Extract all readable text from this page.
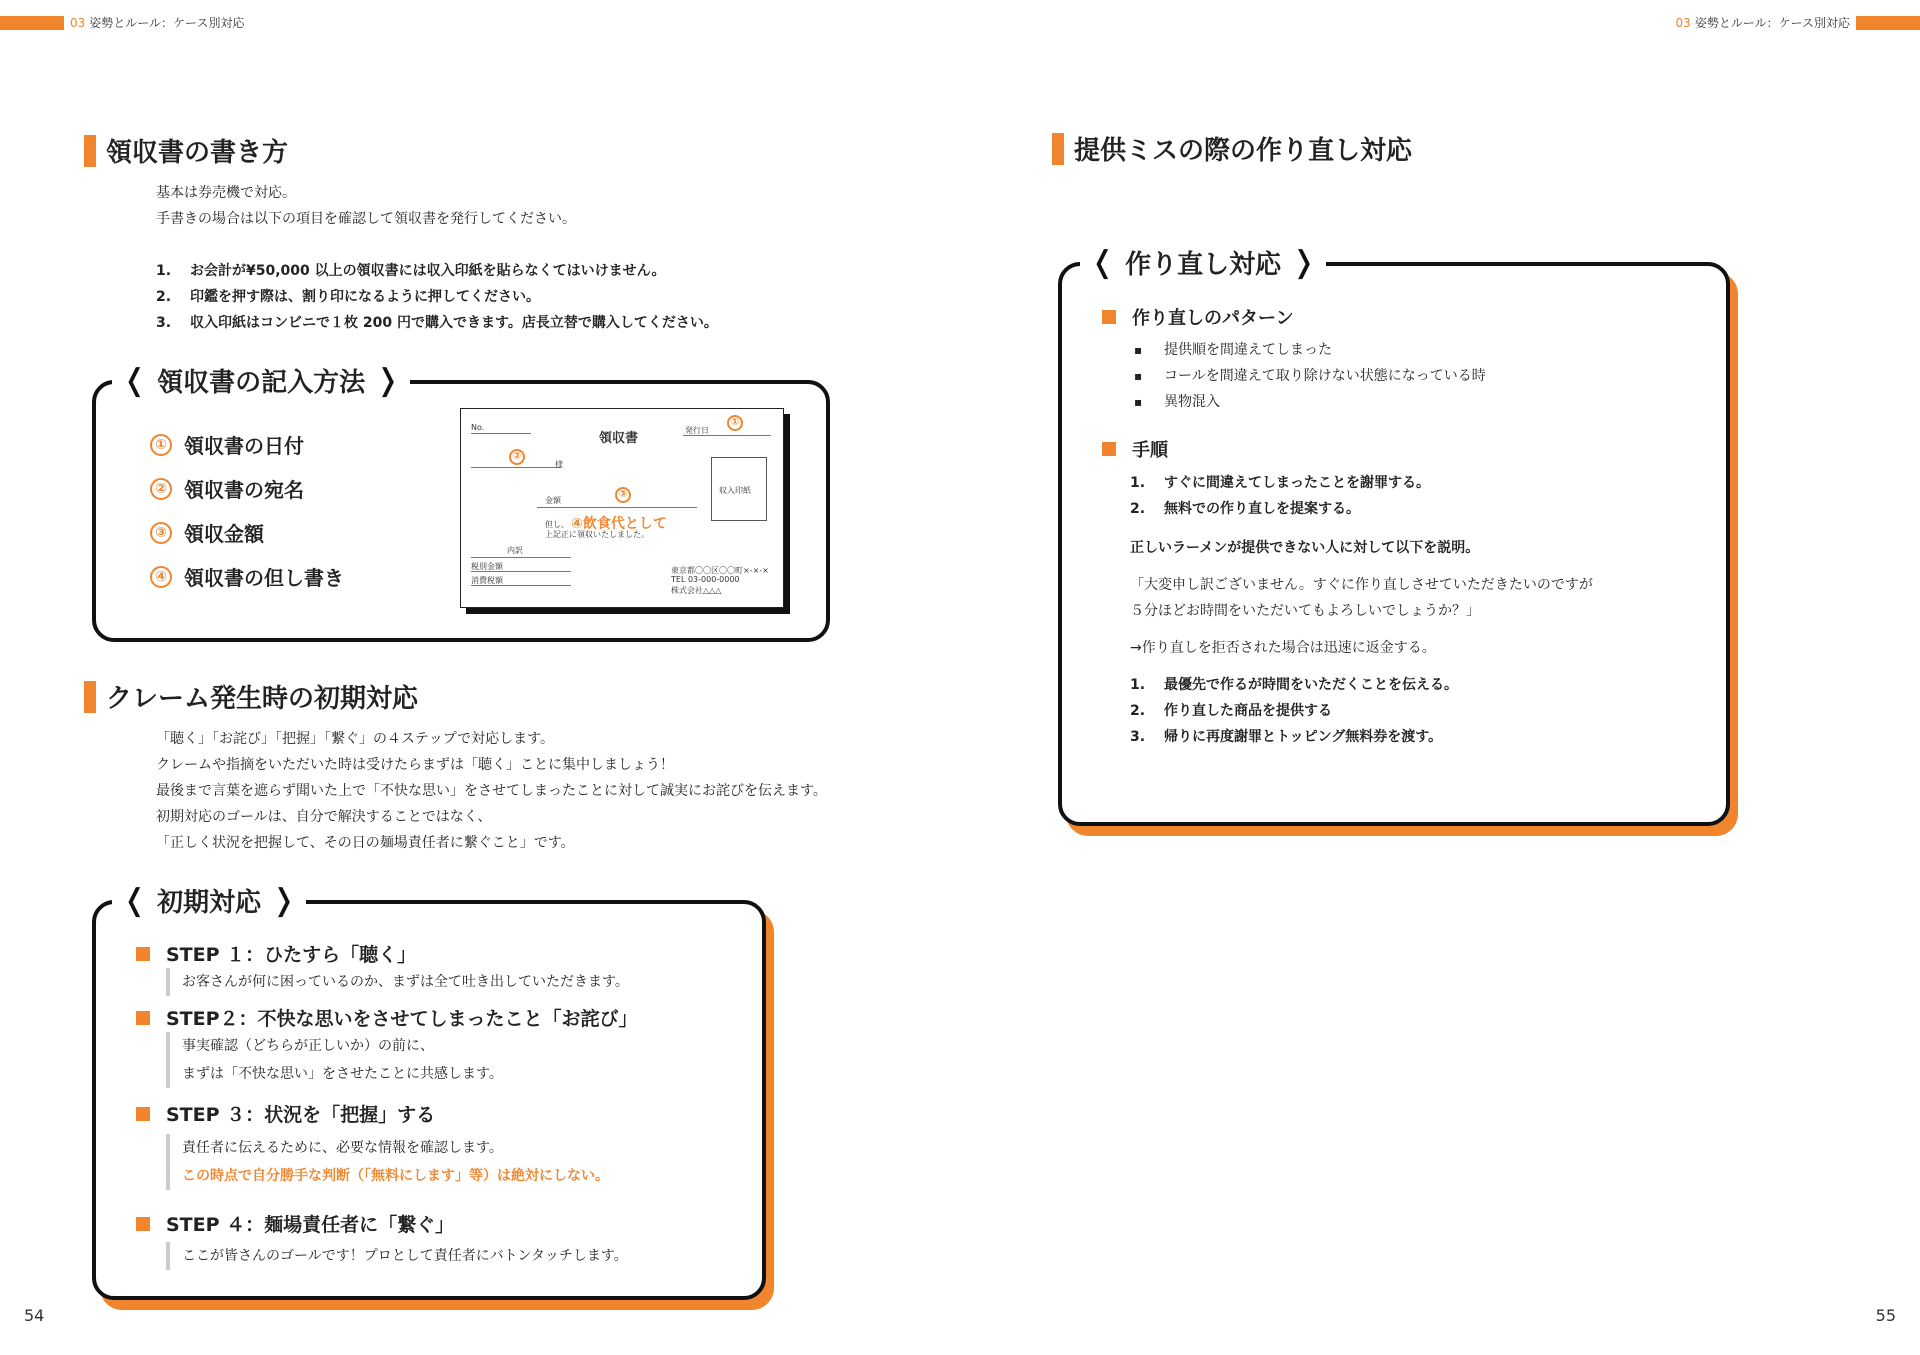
03 姿勢とルール：ケース別対応	03 姿勢とルール：ケース別対応
領収書の書き方
基本は券売機で対応。
手書きの場合は以下の項目を確認して領収書を発行してください。
1. お会計が¥50,000 以上の領収書には収入印紙を貼らなくてはいけません。
2. 印鑑を押す際は、割り印になるように押してください。
3. 収入印紙はコンビニで１枚 200 円で購入できます。店長立替で購入してください。
❬ 領収書の記入方法 ❭
① 領収書の日付
② 領収書の宛名
③ 領収金額
④ 領収書の但し書き
No.
領収書
発行日
①
②
様
収入印紙
③
金額
但し、 ④飲食代として
上記正に領収いたしました。
内訳
税別金額
消費税額
東京都〇〇区〇〇町×-×-×
TEL 03-000-0000
株式会社△△△
クレーム発生時の初期対応
「聴く」「お詫び」「把握」「繋ぐ」の４ステップで対応します。
クレームや指摘をいただいた時は受けたらまずは「聴く」ことに集中しましょう！
最後まで言葉を遮らず聞いた上で「不快な思い」をさせてしまったことに対して誠実にお詫びを伝えます。
初期対応のゴールは、自分で解決することではなく、
「正しく状況を把握して、その日の麺場責任者に繋ぐこと」です。
❬ 初期対応 ❭
STEP １：ひたすら「聴く」
お客さんが何に困っているのか、まずは全て吐き出していただきます。
STEP２：不快な思いをさせてしまったこと「お詫び」
事実確認（どちらが正しいか）の前に、
まずは「不快な思い」をさせたことに共感します。
STEP ３：状況を「把握」する
責任者に伝えるために、必要な情報を確認します。
この時点で自分勝手な判断（「無料にします」等）は絶対にしない。
STEP ４：麺場責任者に「繋ぐ」
ここが皆さんのゴールです！プロとして責任者にバトンタッチします。
54
提供ミスの際の作り直し対応
❬ 作り直し対応 ❭
作り直しのパターン
▪ 提供順を間違えてしまった
▪ コールを間違えて取り除けない状態になっている時
▪ 異物混入
手順
1. すぐに間違えてしまったことを謝罪する。
2. 無料での作り直しを提案する。
正しいラーメンが提供できない人に対して以下を説明。
「大変申し訳ございません。すぐに作り直しさせていただきたいのですが
５分ほどお時間をいただいてもよろしいでしょうか？」
→作り直しを拒否された場合は迅速に返金する。
1. 最優先で作るが時間をいただくことを伝える。
2. 作り直した商品を提供する
3. 帰りに再度謝罪とトッピング無料券を渡す。
55
